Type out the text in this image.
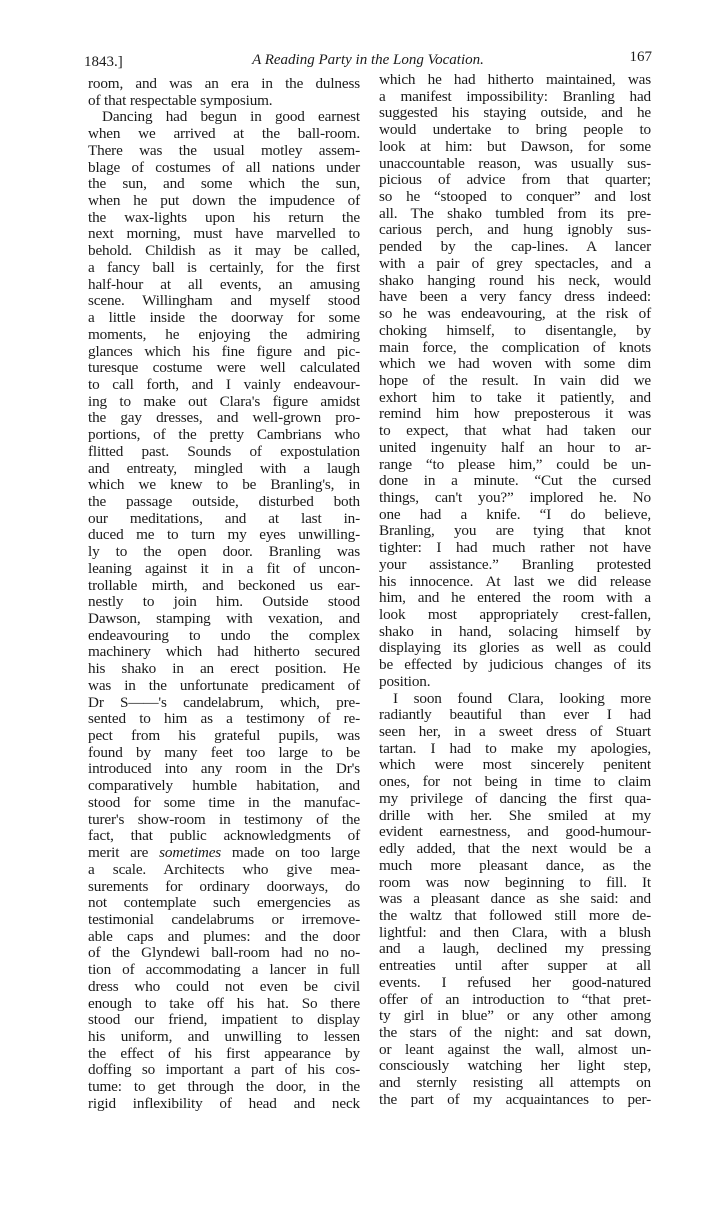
1843.]	A Reading Party in the Long Vocation.	167
room, and was an era in the dulness
of that respectable symposium.
Dancing had begun in good earnest
when we arrived at the ball-room.
There was the usual motley assem-
blage of costumes of all nations under
the sun, and some which the sun,
when he put down the impudence of
the wax-lights upon his return the
next morning, must have marvelled to
behold. Childish as it may be called,
a fancy ball is certainly, for the first
half-hour at all events, an amusing
scene. Willingham and myself stood
a little inside the doorway for some
moments, he enjoying the admiring
glances which his fine figure and pic-
turesque costume were well calculated
to call forth, and I vainly endeavour-
ing to make out Clara's figure amidst
the gay dresses, and well-grown pro-
portions, of the pretty Cambrians who
flitted past. Sounds of expostulation
and entreaty, mingled with a laugh
which we knew to be Branling's, in
the passage outside, disturbed both
our meditations, and at last in-
duced me to turn my eyes unwilling-
ly to the open door. Branling was
leaning against it in a fit of uncon-
trollable mirth, and beckoned us ear-
nestly to join him. Outside stood
Dawson, stamping with vexation, and
endeavouring to undo the complex
machinery which had hitherto secured
his shako in an erect position. He
was in the unfortunate predicament of
Dr S——'s candelabrum, which, pre-
sented to him as a testimony of re-
pect from his grateful pupils, was
found by many feet too large to be
introduced into any room in the Dr's
comparatively humble habitation, and
stood for some time in the manufac-
turer's show-room in testimony of the
fact, that public acknowledgments of
merit are sometimes made on too large
a scale. Architects who give mea-
surements for ordinary doorways, do
not contemplate such emergencies as
testimonial candelabrums or irremove-
able caps and plumes: and the door
of the Glyndewi ball-room had no no-
tion of accommodating a lancer in full
dress who could not even be civil
enough to take off his hat. So there
stood our friend, impatient to display
his uniform, and unwilling to lessen
the effect of his first appearance by
doffing so important a part of his cos-
tume: to get through the door, in the
rigid inflexibility of head and neck
which he had hitherto maintained, was
a manifest impossibility: Branling had
suggested his staying outside, and he
would undertake to bring people to
look at him: but Dawson, for some
unaccountable reason, was usually sus-
picious of advice from that quarter;
so he “stooped to conquer” and lost
all. The shako tumbled from its pre-
carious perch, and hung ignobly sus-
pended by the cap-lines. A lancer
with a pair of grey spectacles, and a
shako hanging round his neck, would
have been a very fancy dress indeed:
so he was endeavouring, at the risk of
choking himself, to disentangle, by
main force, the complication of knots
which we had woven with some dim
hope of the result. In vain did we
exhort him to take it patiently, and
remind him how preposterous it was
to expect, that what had taken our
united ingenuity half an hour to ar-
range “to please him,” could be un-
done in a minute. “Cut the cursed
things, can't you?” implored he. No
one had a knife. “I do believe,
Branling, you are tying that knot
tighter: I had much rather not have
your assistance.” Branling protested
his innocence. At last we did release
him, and he entered the room with a
look most appropriately crest-fallen,
shako in hand, solacing himself by
displaying its glories as well as could
be effected by judicious changes of its
position.
I soon found Clara, looking more
radiantly beautiful than ever I had
seen her, in a sweet dress of Stuart
tartan. I had to make my apologies,
which were most sincerely penitent
ones, for not being in time to claim
my privilege of dancing the first qua-
drille with her. She smiled at my
evident earnestness, and good-humour-
edly added, that the next would be a
much more pleasant dance, as the
room was now beginning to fill. It
was a pleasant dance as she said: and
the waltz that followed still more de-
lightful: and then Clara, with a blush
and a laugh, declined my pressing
entreaties until after supper at all
events. I refused her good-natured
offer of an introduction to “that pret-
ty girl in blue” or any other among
the stars of the night: and sat down,
or leant against the wall, almost un-
consciously watching her light step,
and sternly resisting all attempts on
the part of my acquaintances to per-
